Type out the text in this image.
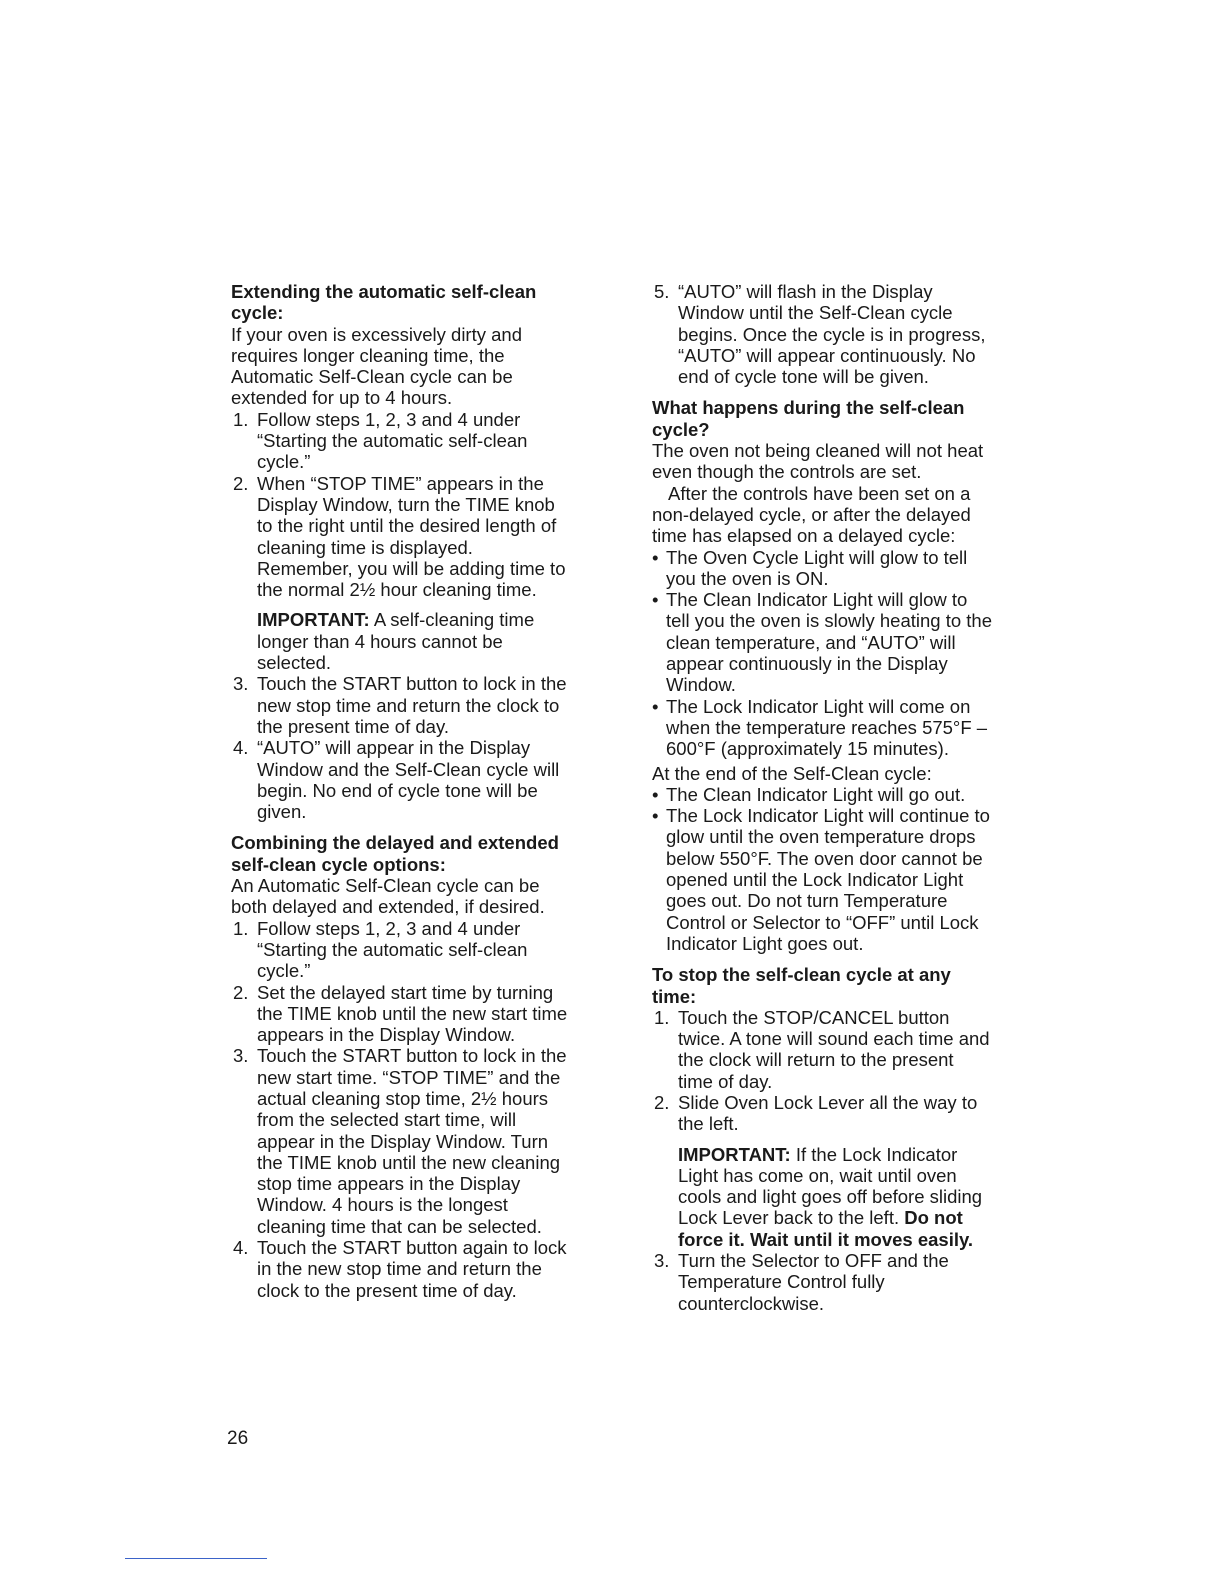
Extending the automatic self-clean cycle:

If your oven is excessively dirty and requires longer cleaning time, the Automatic Self-Clean cycle can be extended for up to 4 hours.

1. Follow steps 1, 2, 3 and 4 under “Starting the automatic self-clean cycle.”
2. When “STOP TIME” appears in the Display Window, turn the TIME knob to the right until the desired length of cleaning time is displayed. Remember, you will be adding time to the normal 2½ hour cleaning time.

IMPORTANT: A self-cleaning time longer than 4 hours cannot be selected.

3. Touch the START button to lock in the new stop time and return the clock to the present time of day.
4. “AUTO” will appear in the Display Window and the Self-Clean cycle will begin. No end of cycle tone will be given.
Combining the delayed and extended self-clean cycle options:

An Automatic Self-Clean cycle can be both delayed and extended, if desired.

1. Follow steps 1, 2, 3 and 4 under “Starting the automatic self-clean cycle.”
2. Set the delayed start time by turning the TIME knob until the new start time appears in the Display Window.
3. Touch the START button to lock in the new start time. “STOP TIME” and the actual cleaning stop time, 2½ hours from the selected start time, will appear in the Display Window. Turn the TIME knob until the new cleaning stop time appears in the Display Window. 4 hours is the longest cleaning time that can be selected.
4. Touch the START button again to lock in the new stop time and return the clock to the present time of day.
5. “AUTO” will flash in the Display Window until the Self-Clean cycle begins. Once the cycle is in progress, “AUTO” will appear continuously. No end of cycle tone will be given.
What happens during the self-clean cycle?

The oven not being cleaned will not heat even though the controls are set.

After the controls have been set on a non-delayed cycle, or after the delayed time has elapsed on a delayed cycle:

• The Oven Cycle Light will glow to tell you the oven is ON.
• The Clean Indicator Light will glow to tell you the oven is slowly heating to the clean temperature, and “AUTO” will appear continuously in the Display Window.
• The Lock Indicator Light will come on when the temperature reaches 575°F – 600°F (approximately 15 minutes).

At the end of the Self-Clean cycle:

• The Clean Indicator Light will go out.
• The Lock Indicator Light will continue to glow until the oven temperature drops below 550°F. The oven door cannot be opened until the Lock Indicator Light goes out. Do not turn Temperature Control or Selector to “OFF” until Lock Indicator Light goes out.
To stop the self-clean cycle at any time:
1. Touch the STOP/CANCEL button twice. A tone will sound each time and the clock will return to the present time of day.
2. Slide Oven Lock Lever all the way to the left.

IMPORTANT: If the Lock Indicator Light has come on, wait until oven cools and light goes off before sliding Lock Lever back to the left. Do not force it. Wait until it moves easily.

3. Turn the Selector to OFF and the Temperature Control fully counterclockwise.
26
